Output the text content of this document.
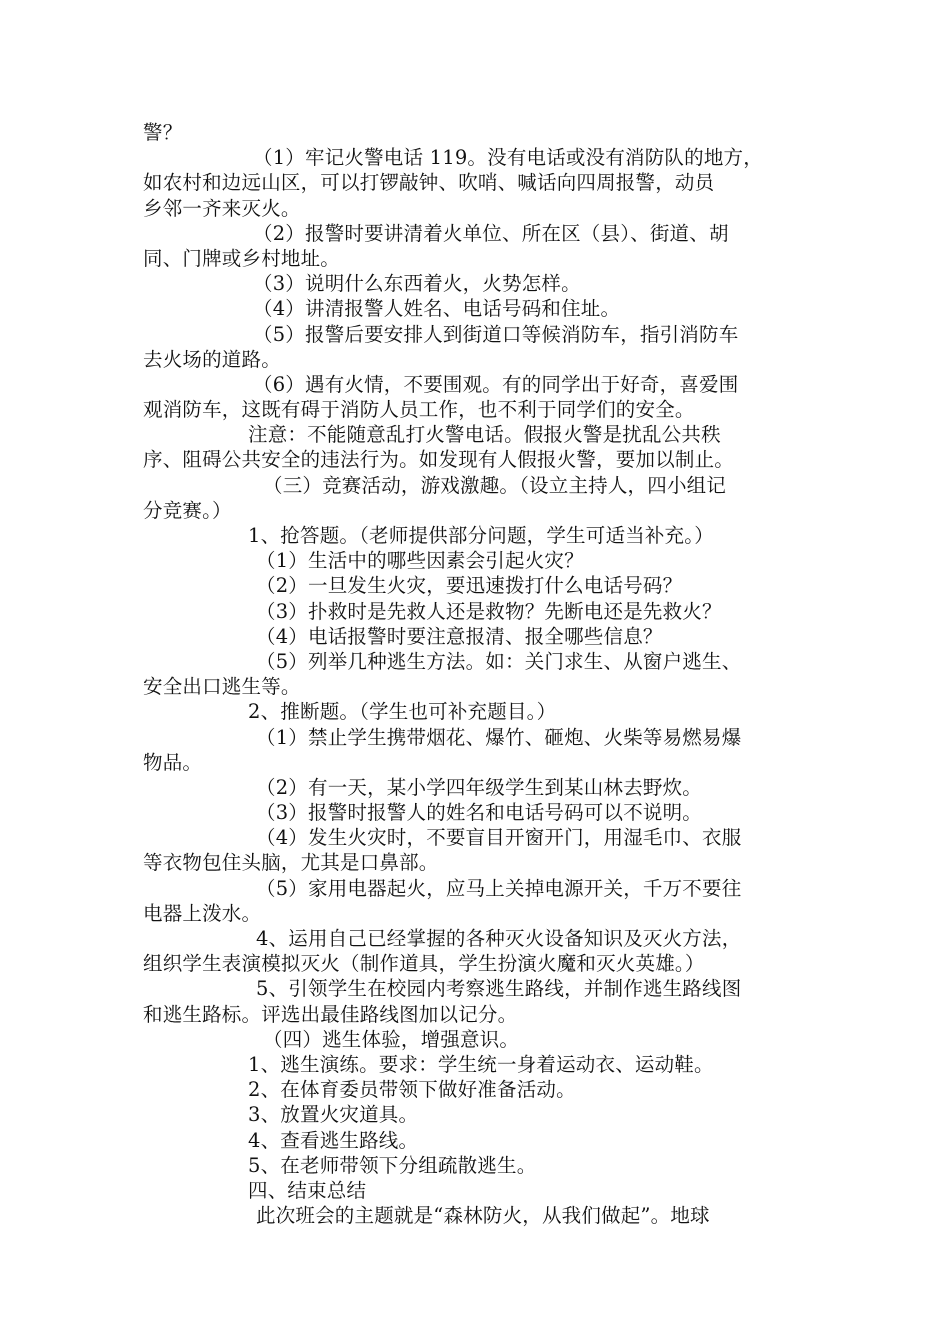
警？
（1）牢记火警电话 119。没有电话或没有消防队的地方，
如农村和边远山区，可以打锣敲钟、吹哨、喊话向四周报警，动员
乡邻一齐来灭火。
（2）报警时要讲清着火单位、所在区（县）、街道、胡
同、门牌或乡村地址。
（3）说明什么东西着火，火势怎样。
（4）讲清报警人姓名、电话号码和住址。
（5）报警后要安排人到街道口等候消防车，指引消防车
去火场的道路。
（6）遇有火情，不要围观。有的同学出于好奇，喜爱围
观消防车，这既有碍于消防人员工作，也不利于同学们的安全。
注意：不能随意乱打火警电话。假报火警是扰乱公共秩
序、阻碍公共安全的违法行为。如发现有人假报火警，要加以制止。
（三）竞赛活动，游戏激趣。（设立主持人，四小组记
分竞赛。）
1、抢答题。（老师提供部分问题，学生可适当补充。）
（1）生活中的哪些因素会引起火灾？
（2）一旦发生火灾，要迅速拨打什么电话号码？
（3）扑救时是先救人还是救物？先断电还是先救火？
（4）电话报警时要注意报清、报全哪些信息？
（5）列举几种逃生方法。如：关门求生、从窗户逃生、
安全出口逃生等。
2、推断题。（学生也可补充题目。）
（1）禁止学生携带烟花、爆竹、砸炮、火柴等易燃易爆
物品。
（2）有一天，某小学四年级学生到某山林去野炊。
（3）报警时报警人的姓名和电话号码可以不说明。
（4）发生火灾时，不要盲目开窗开门，用湿毛巾、衣服
等衣物包住头脑，尤其是口鼻部。
（5）家用电器起火，应马上关掉电源开关，千万不要往
电器上泼水。
4、运用自己已经掌握的各种灭火设备知识及灭火方法，
组织学生表演模拟灭火（制作道具，学生扮演火魔和灭火英雄。）
5、引领学生在校园内考察逃生路线，并制作逃生路线图
和逃生路标。评选出最佳路线图加以记分。
（四）逃生体验，增强意识。
1、逃生演练。要求：学生统一身着运动衣、运动鞋。
2、在体育委员带领下做好准备活动。
3、放置火灾道具。
4、查看逃生路线。
5、在老师带领下分组疏散逃生。
四、结束总结
此次班会的主题就是“森林防火，从我们做起”。地球
